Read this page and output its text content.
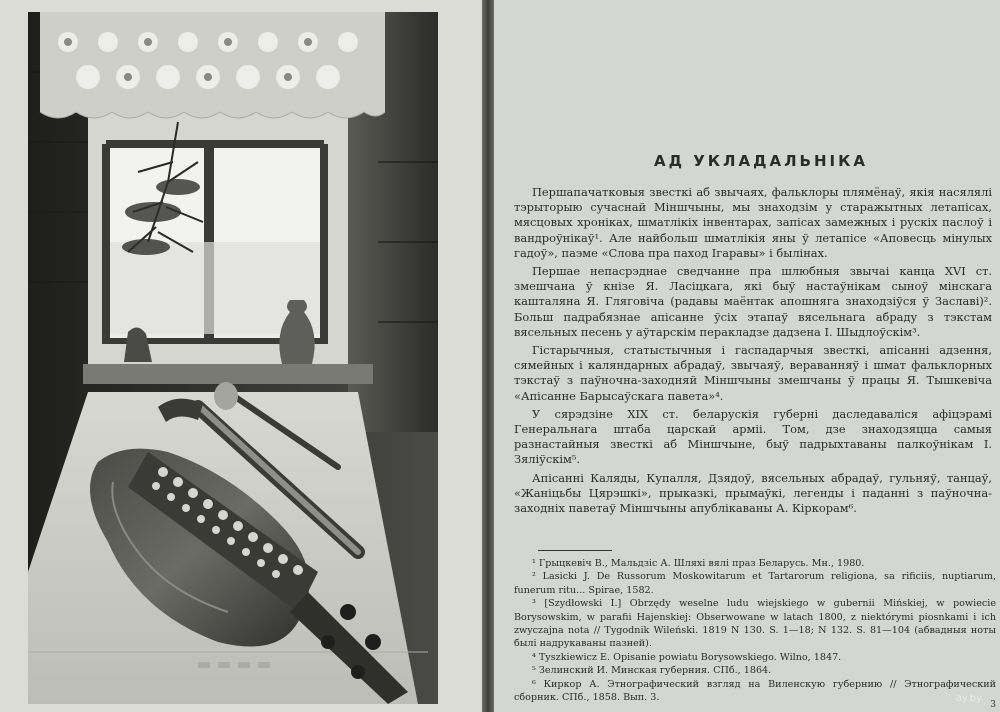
АД УКЛАДАЛЬНІКА

Першапачатковыя звесткі аб звычаях, фальклоры плямёнаў, якія насялялі тэрыторыю сучаснай Міншчыны, мы знаходзім у старажытных летапісах, мясцовых хроніках, шматлікіх інвентарах, запісах замежных і рускіх паслоў і вандроўнікаў¹. Але найбольш шматлікія яны ў летапісе «Аповесць мінулых гадоў», паэме «Слова пра паход Ігаравы» і былінах.

Першае непасрэднае сведчанне пра шлюбныя звычаі канца XVI ст. змешчана ў кнізе Я. Ласіцкага, які быў настаўнікам сыноў мінскага кашталяна Я. Гляговіча (радавы маёнтак апошняга знаходзіўся ў Заславі)². Больш падрабязнае апісанне ўсіх этапаў вясельнага абраду з тэкстам вясельных песень у аўтарскім перакладзе дадзена І. Шыдлоўскім³.

Гістарычныя, статыстычныя і гаспадарчыя звесткі, апісанні адзення, сямейных і каляндарных абрадаў, звычаяў, вераванняў і шмат фальклорных тэкстаў з паўночна-заходняй Міншчыны змешчаны ў працы Я. Тышкевіча «Апісанне Барысаўскага павета»⁴.

У сярэдзіне XIX ст. беларускія губерні даследаваліся афіцэрамі Генеральнага штаба царскай арміі. Том, дзе знаходзяцца самыя разнастайныя звесткі аб Міншчыне, быў падрыхтаваны палкоўнікам І. Зяліўскім⁵.

Апісанні Каляды, Купалля, Дзядоў, вясельных абрадаў, гульняў, танцаў, «Жаніцьбы Цярэшкі», прыказкі, прымаўкі, легенды і паданні з паўночна-заходніх паветаў Міншчыны апублікаваны А. Кіркорам⁶.

¹ Грыцкевіч В., Мальдзіс А. Шляхі вялі праз Беларусь. Мн., 1980.

² Lasicki J. De Russorum Moskowitarum et Tartarorum religiona, sa rificiis, nuptiarum, funerum ritu... Spirae, 1582.

³ [Szydłowski I.] Obrzędy weselne ludu wiejskiego w gubernii Mińskiej, w powiecie Borysowskim, w parafii Hajenskiej: Obserwowane w latach 1800, z niektórymi piosnkami i ich zwyczajna nota // Tygodnik Wileński. 1819 N 130. S. 1—18; N 132. S. 81—104 (абвадныя ноты былі надрукаваны пазней).

⁴ Tyszkiewicz E. Opisanie powiatu Borysowskiego. Wilno, 1847.

⁵ Зелинский И. Минская губерния. СПб., 1864.

⁶ Киркор А. Этнографический взгляд на Виленскую губернию // Этнографический сборник. СПб., 1858. Вып. 3.	ay.by
3
